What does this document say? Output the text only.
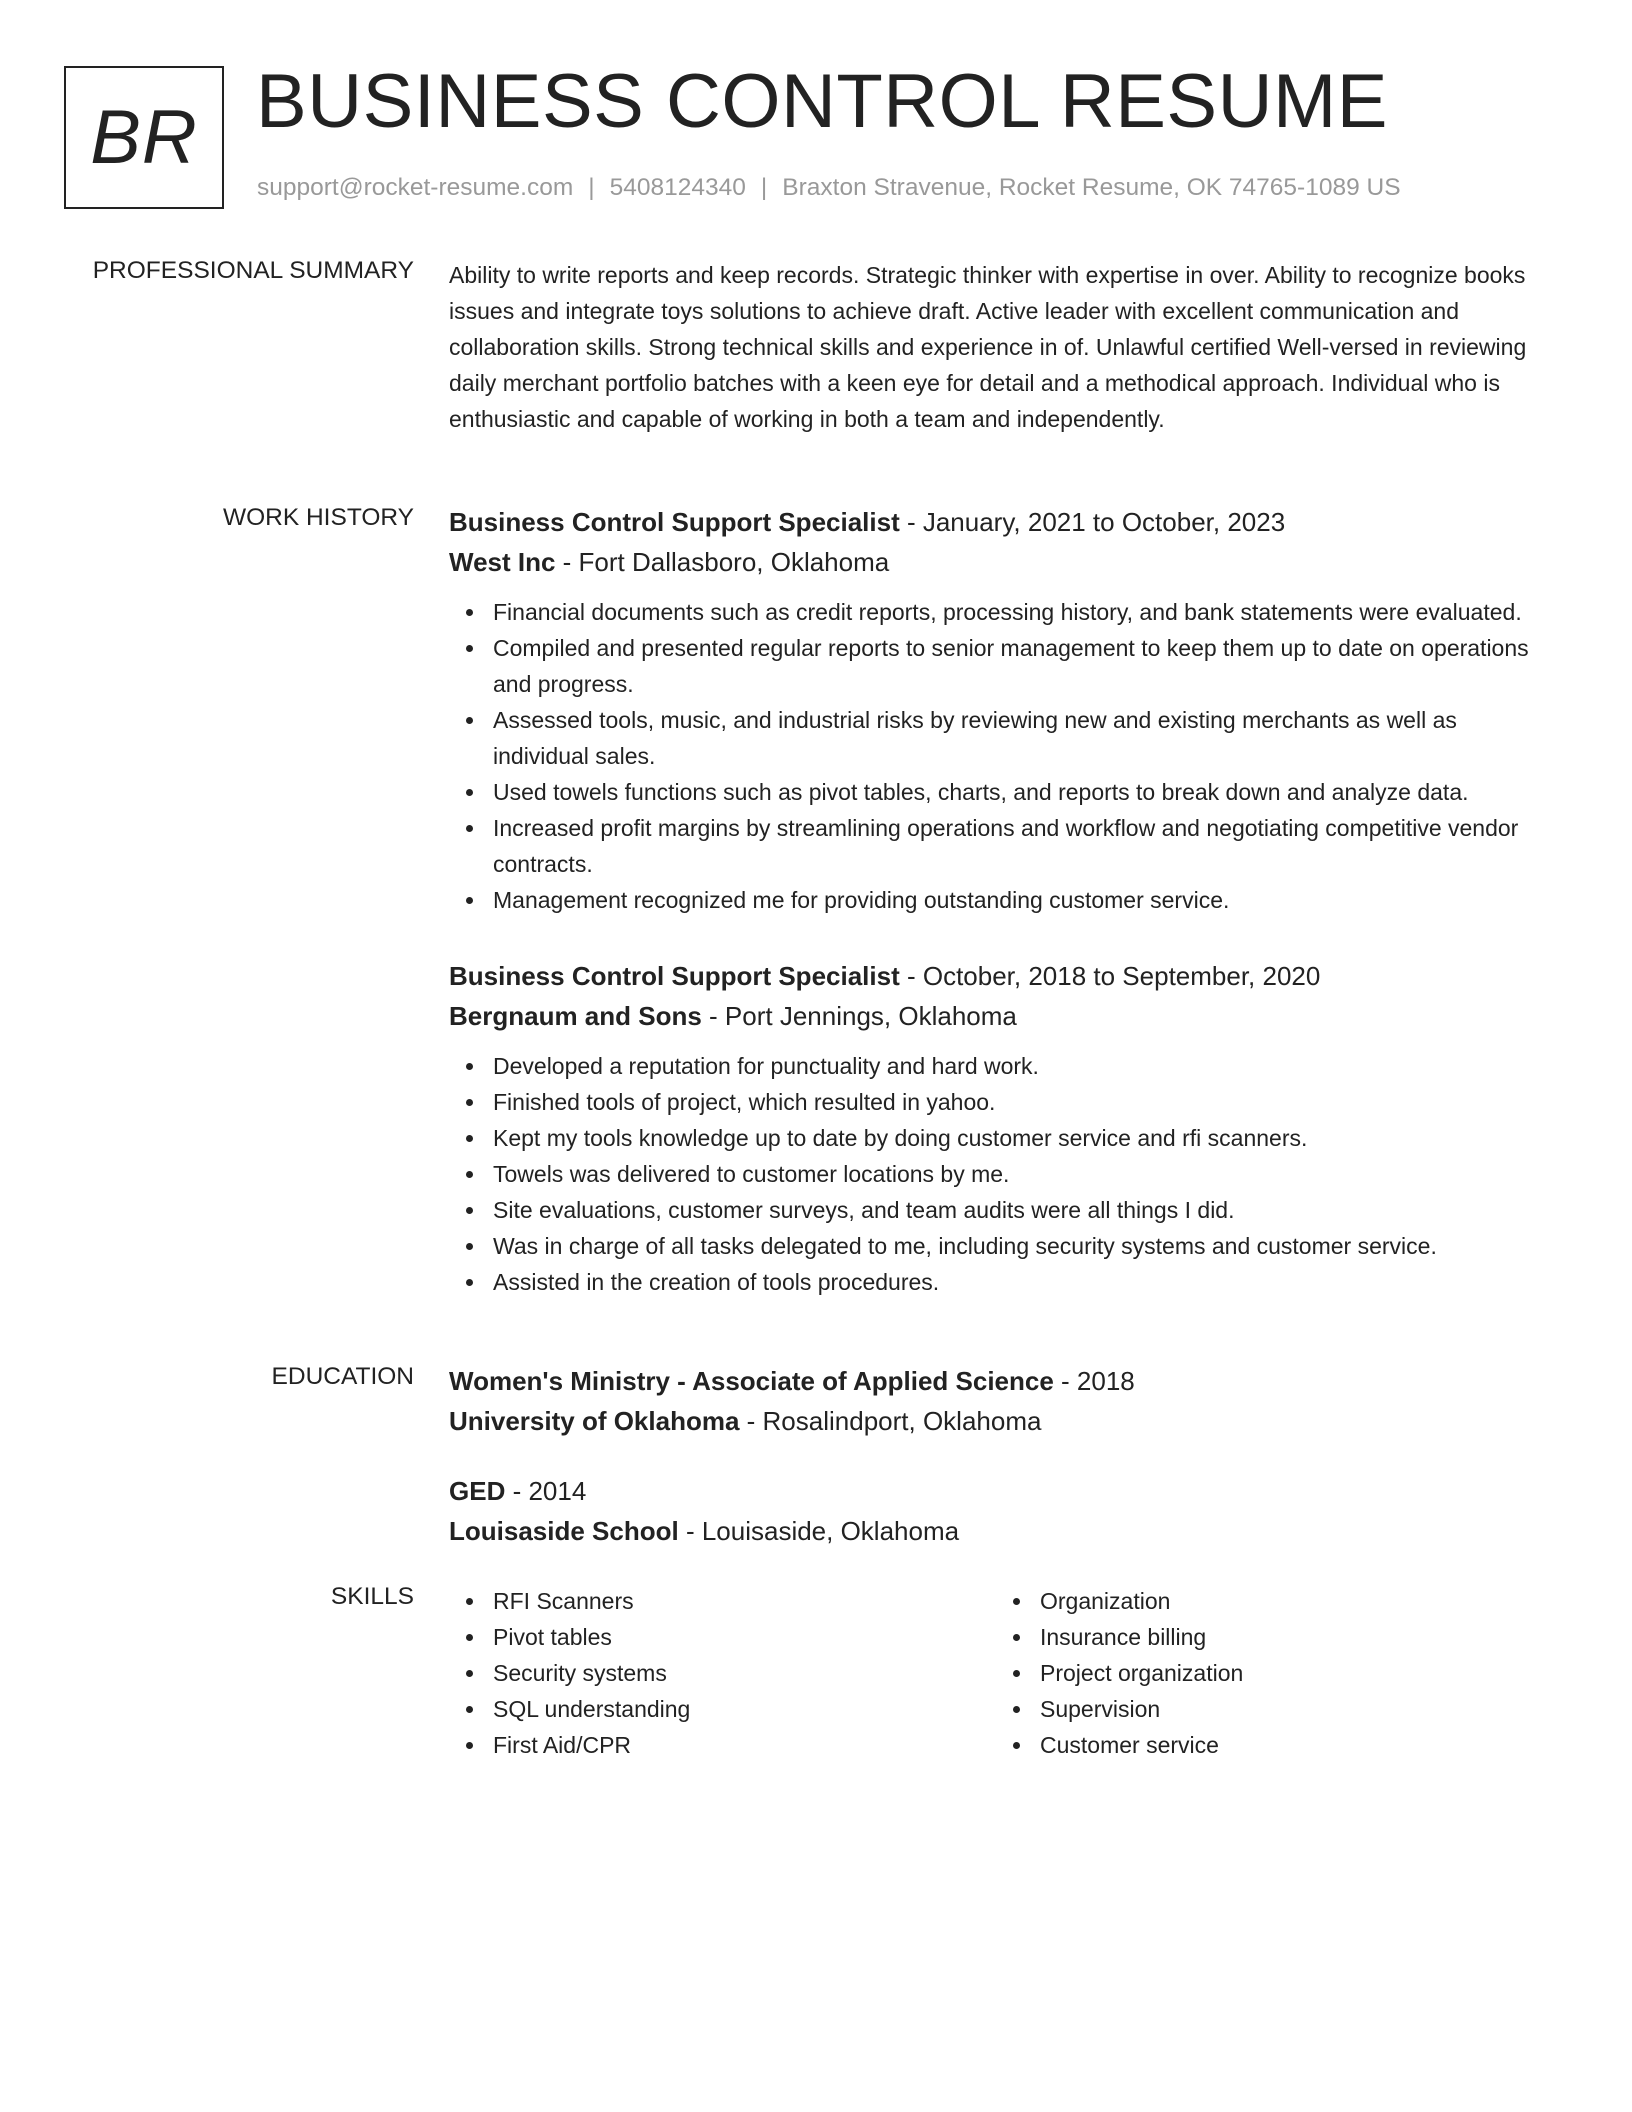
BR BUSINESS CONTROL RESUME
support@rocket-resume.com | 5408124340 | Braxton Stravenue, Rocket Resume, OK 74765-1089 US
PROFESSIONAL SUMMARY Ability to write reports and keep records. Strategic thinker with expertise in over. Ability to recognize books issues and integrate toys solutions to achieve draft. Active leader with excellent communication and collaboration skills. Strong technical skills and experience in of. Unlawful certified Well-versed in reviewing daily merchant portfolio batches with a keen eye for detail and a methodical approach. Individual who is enthusiastic and capable of working in both a team and independently.

WORK HISTORY Business Control Support Specialist - January, 2021 to October, 2023
West Inc - Fort Dallasboro, Oklahoma
Financial documents such as credit reports, processing history, and bank statements were evaluated.
Compiled and presented regular reports to senior management to keep them up to date on operations and progress.
Assessed tools, music, and industrial risks by reviewing new and existing merchants as well as individual sales.
Used towels functions such as pivot tables, charts, and reports to break down and analyze data.
Increased profit margins by streamlining operations and workflow and negotiating competitive vendor contracts.
Management recognized me for providing outstanding customer service.
Business Control Support Specialist - October, 2018 to September, 2020
Bergnaum and Sons - Port Jennings, Oklahoma
Developed a reputation for punctuality and hard work.
Finished tools of project, which resulted in yahoo.
Kept my tools knowledge up to date by doing customer service and rfi scanners.
Towels was delivered to customer locations by me.
Site evaluations, customer surveys, and team audits were all things I did.
Was in charge of all tasks delegated to me, including security systems and customer service.
Assisted in the creation of tools procedures.
EDUCATION Women's Ministry - Associate of Applied Science - 2018
University of Oklahoma - Rosalindport, Oklahoma
GED - 2014
Louisaside School - Louisaside, Oklahoma
SKILLS	RFI Scanners
Pivot tables
Security systems
SQL understanding
First Aid/CPR
Organization
Insurance billing
Project organization
Supervision
Customer service
